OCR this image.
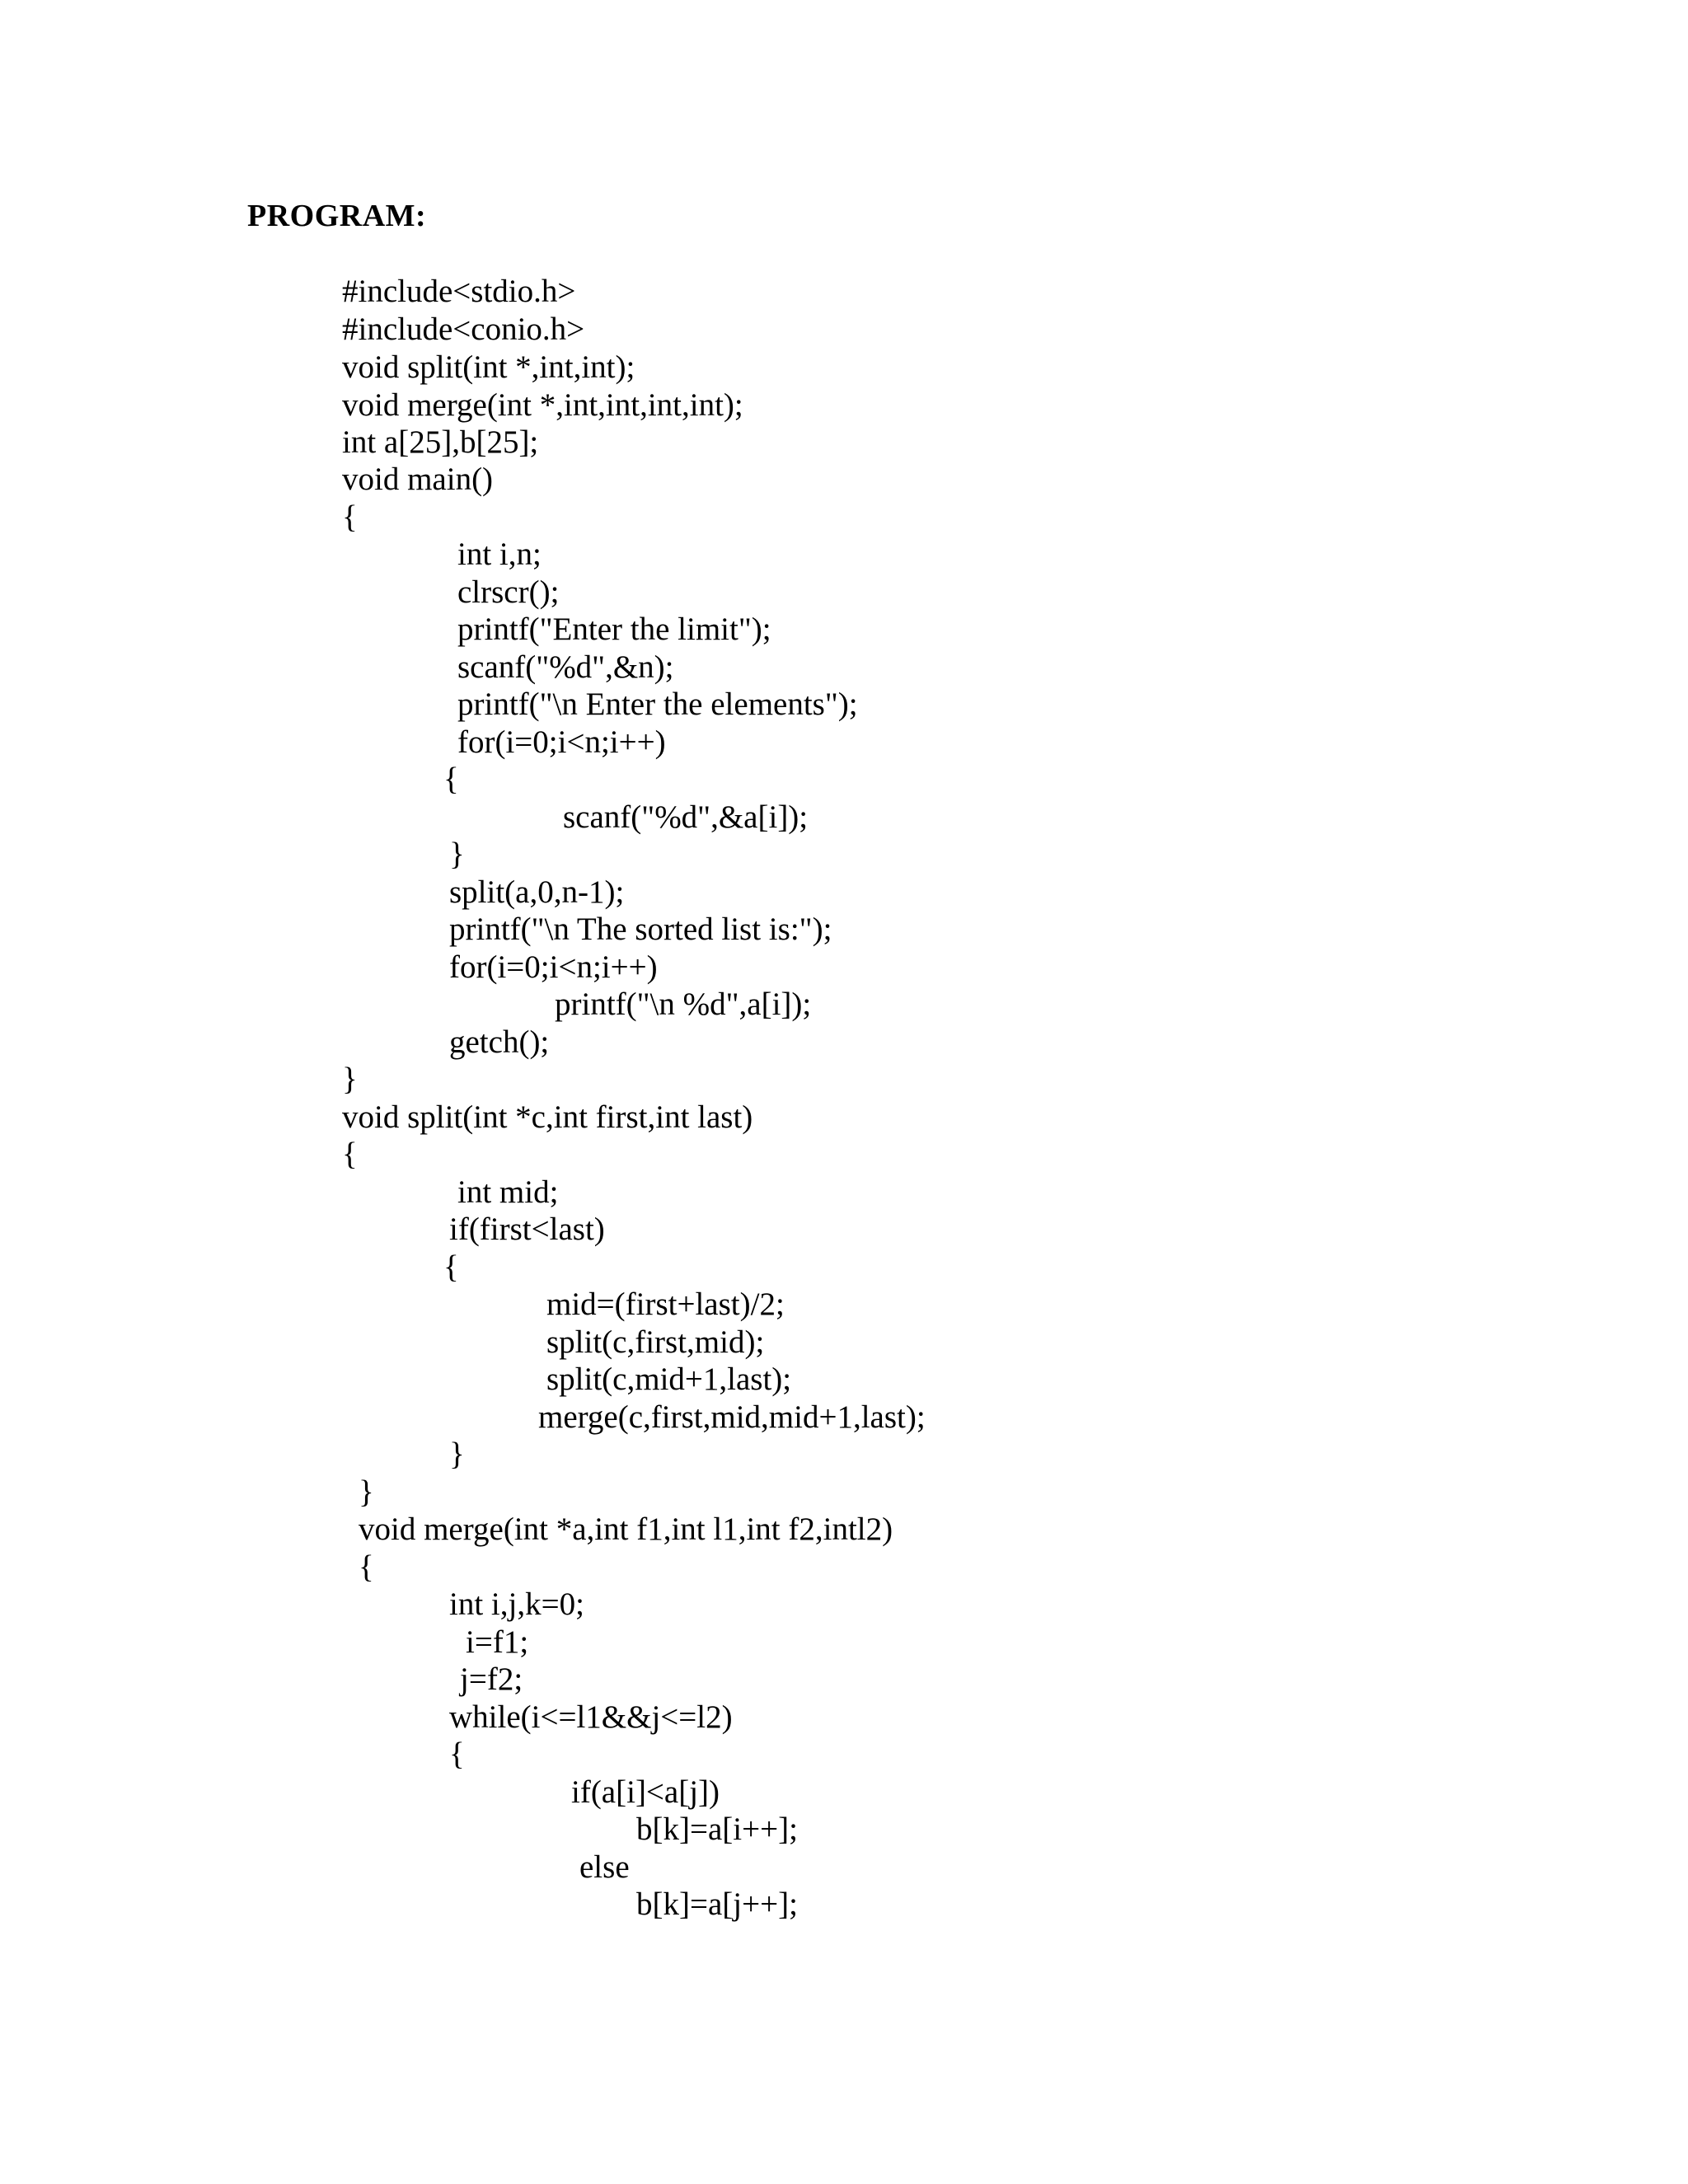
PROGRAM:
#include<stdio.h>
#include<conio.h>
void split(int *,int,int);
void merge(int *,int,int,int,int);
int a[25],b[25];
void main()
{
int i,n;
clrscr();
printf("Enter the limit");
scanf("%d",&n);
printf("\n Enter the elements");
for(i=0;i<n;i++)
{
scanf("%d",&a[i]);
}
split(a,0,n-1);
printf("\n The sorted list is:");
for(i=0;i<n;i++)
printf("\n %d",a[i]);
getch();
}
void split(int *c,int first,int last)
{
int mid;
if(first<last)
{
mid=(first+last)/2;
split(c,first,mid);
split(c,mid+1,last);
merge(c,first,mid,mid+1,last);
}
}
void merge(int *a,int f1,int l1,int f2,intl2)
{
int i,j,k=0;
i=f1;
j=f2;
while(i<=l1&&j<=l2)
{
if(a[i]<a[j])
b[k]=a[i++];
else
b[k]=a[j++];
